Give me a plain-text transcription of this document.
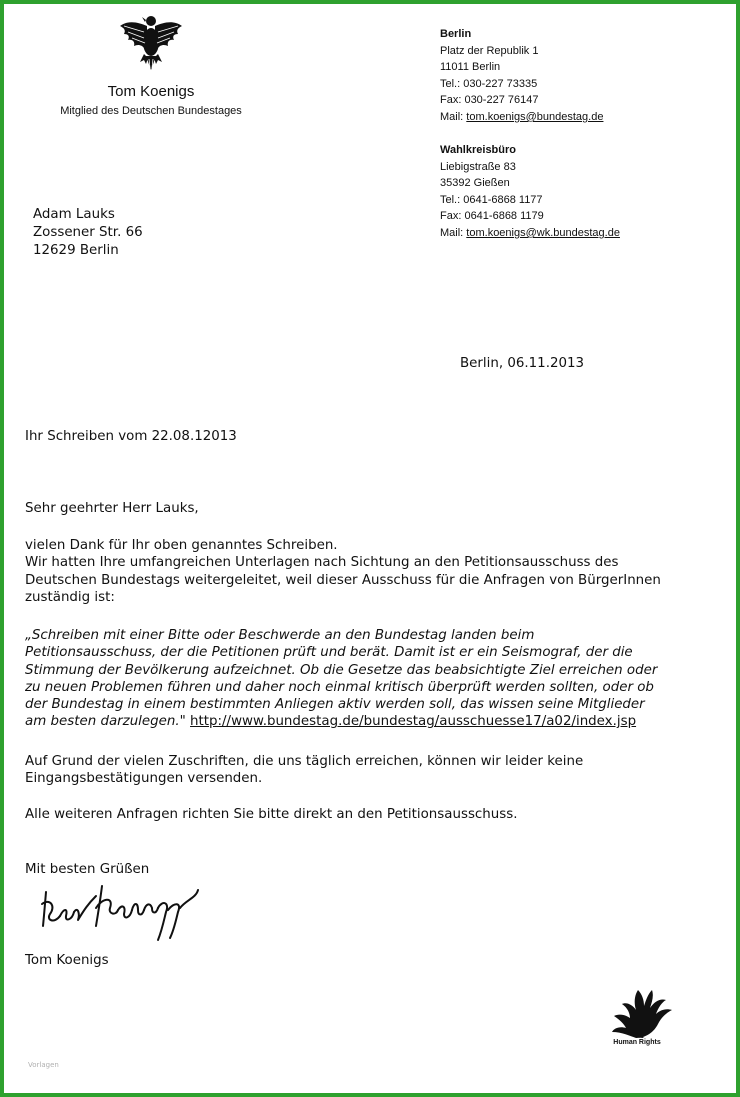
Tom Koenigs
Mitglied des Deutschen Bundestages
Berlin
Platz der Republik 1
11011 Berlin
Tel.: 030-227 73335
Fax: 030-227 76147
Mail: tom.koenigs@bundestag.de
Wahlkreisbüro
Liebigstraße 83
35392 Gießen
Tel.: 0641-6868 1177
Fax: 0641-6868 1179
Mail: tom.koenigs@wk.bundestag.de
Adam Lauks
Zossener Str. 66
12629 Berlin
Berlin, 06.11.2013
Ihr Schreiben vom 22.08.12013
Sehr geehrter Herr Lauks,
vielen Dank für Ihr oben genanntes Schreiben.
Wir hatten Ihre umfangreichen Unterlagen nach Sichtung an den Petitionsausschuss des
Deutschen Bundestags weitergeleitet, weil dieser Ausschuss für die Anfragen von BürgerInnen
zuständig ist:
„Schreiben mit einer Bitte oder Beschwerde an den Bundestag landen beim
Petitionsausschuss, der die Petitionen prüft und berät. Damit ist er ein Seismograf, der die
Stimmung der Bevölkerung aufzeichnet. Ob die Gesetze das beabsichtigte Ziel erreichen oder
zu neuen Problemen führen und daher noch einmal kritisch überprüft werden sollten, oder ob
der Bundestag in einem bestimmten Anliegen aktiv werden soll, das wissen seine Mitglieder
am besten darzulegen." http://www.bundestag.de/bundestag/ausschuesse17/a02/index.jsp
Auf Grund der vielen Zuschriften, die uns täglich erreichen, können wir leider keine
Eingangsbestätigungen versenden.
Alle weiteren Anfragen richten Sie bitte direkt an den Petitionsausschuss.
Mit besten Grüßen
Tom Koenigs
Human Rights
Vorlagen
